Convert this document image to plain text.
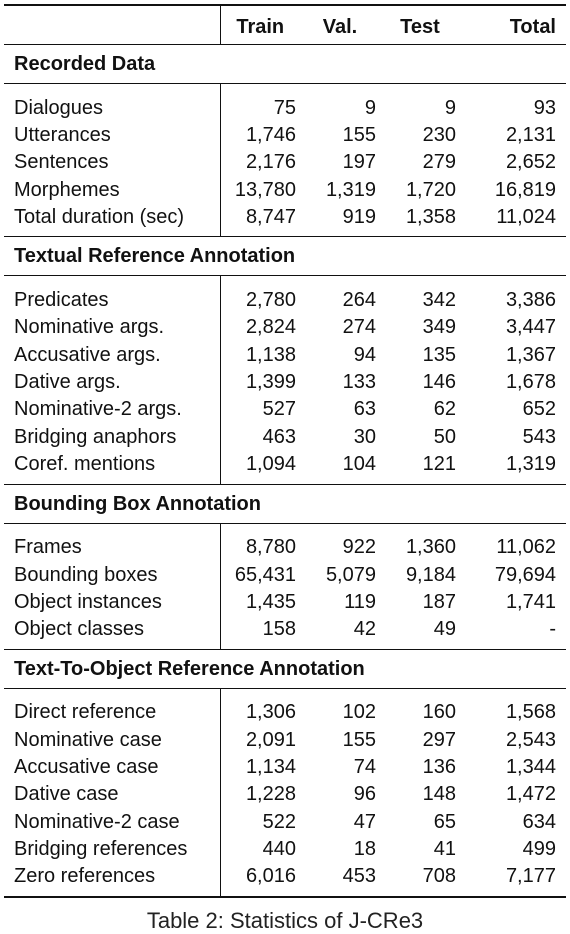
	Train	Val.	Test	Total
Recorded Data				
Dialogues	75	9	9	93
Utterances	1,746	155	230	2,131
Sentences	2,176	197	279	2,652
Morphemes	13,780	1,319	1,720	16,819
Total duration (sec)	8,747	919	1,358	11,024
Textual Reference Annotation				
Predicates	2,780	264	342	3,386
Nominative args.	2,824	274	349	3,447
Accusative args.	1,138	94	135	1,367
Dative args.	1,399	133	146	1,678
Nominative-2 args.	527	63	62	652
Bridging anaphors	463	30	50	543
Coref. mentions	1,094	104	121	1,319
Bounding Box Annotation				
Frames	8,780	922	1,360	11,062
Bounding boxes	65,431	5,079	9,184	79,694
Object instances	1,435	119	187	1,741
Object classes	158	42	49	-
Text-To-Object Reference Annotation				
Direct reference	1,306	102	160	1,568
Nominative case	2,091	155	297	2,543
Accusative case	1,134	74	136	1,344
Dative case	1,228	96	148	1,472
Nominative-2 case	522	47	65	634
Bridging references	440	18	41	499
Zero references	6,016	453	708	7,177

Table 2: Statistics of J-CRe3
